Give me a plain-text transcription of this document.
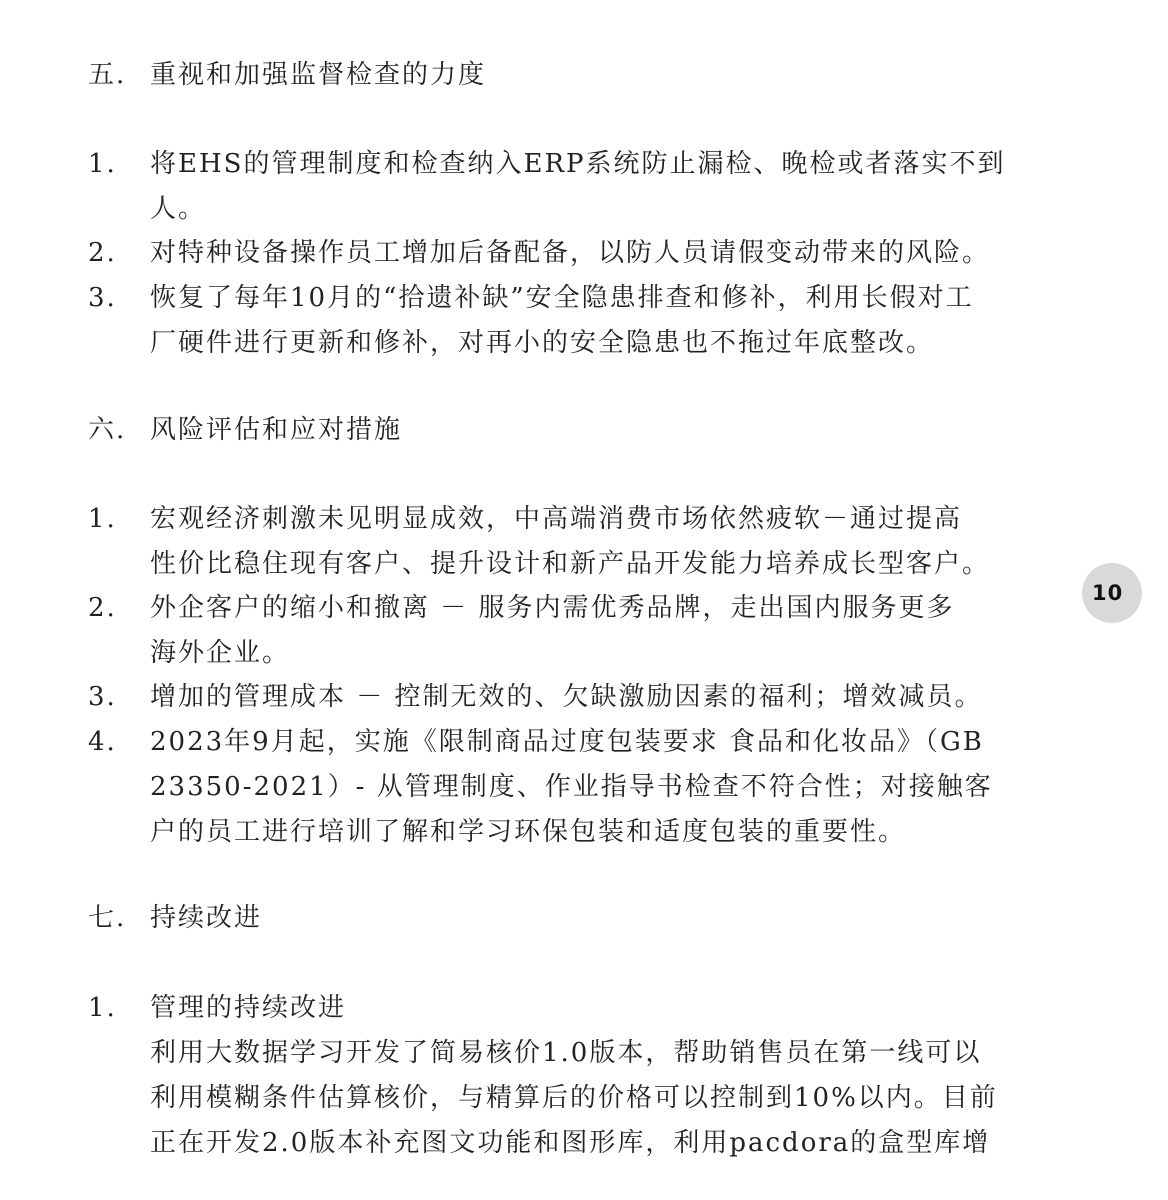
五. 重视和加强监督检查的力度
1.	将EHS的管理制度和检查纳入ERP系统防止漏检、晚检或者落实不到
人。
2.	对特种设备操作员工增加后备配备，以防人员请假变动带来的风险。
3.	恢复了每年10月的“拾遗补缺”安全隐患排查和修补，利用长假对工
厂硬件进行更新和修补，对再小的安全隐患也不拖过年底整改。
六. 风险评估和应对措施
1.	宏观经济刺激未见明显成效，中高端消费市场依然疲软－通过提高
性价比稳住现有客户、提升设计和新产品开发能力培养成长型客户。
2.	外企客户的缩小和撤离 － 服务内需优秀品牌，走出国内服务更多
海外企业。
3.	增加的管理成本 － 控制无效的、欠缺激励因素的福利；增效减员。
4.	2023年9月起，实施《限制商品过度包装要求 食品和化妆品》（GB
23350-2021）- 从管理制度、作业指导书检查不符合性；对接触客
户的员工进行培训了解和学习环保包装和适度包装的重要性。
七. 持续改进
1.	管理的持续改进
利用大数据学习开发了简易核价1.0版本，帮助销售员在第一线可以
利用模糊条件估算核价，与精算后的价格可以控制到10%以内。目前
正在开发2.0版本补充图文功能和图形库，利用pacdora的盒型库增
10
